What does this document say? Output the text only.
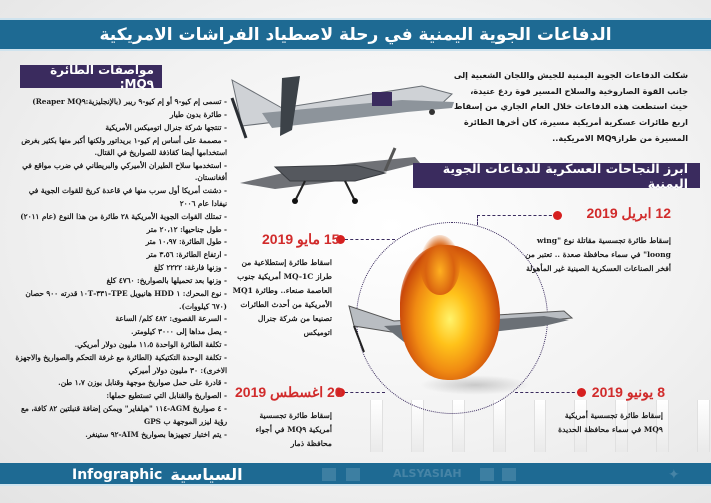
الدفاعات الجوية اليمنية في رحلة لاصطياد الفراشات الامريكية
مواصفات الطائرة MQ٩:
- تسمى إم كيو-٩ أو إم كيو-٩ ريبر (بالإنجليزية:Reaper MQ٩)
- طائرة بدون طيار
- تنتجها شركة جنرال اتوميكس الأمريكية
- مصممة على أساس إم كيو-١ بريداتور ولكنها أكبر منها بكثير بغرض استخدامها أيضا كقاذفة للصواريخ في القتال.
- استخدمها سلاح الطيران الأميركي والبريطاني في ضرب مواقع في أفغانستان.
- دشنت أمريكا أول سرب منها في قاعدة كريخ للقوات الجوية في نيفادا عام ٢٠٠٦
- تمتلك القوات الجوية الأمريكية ٢٨ طائرة من هذا النوع (عام ٢٠١١)
- طول جناحيها: ٢٠،١٢ متر
- طول الطائرة: ١٠،٩٧ متر
- ارتفاع الطائرة: ٣،٥٦ متر
- وزنها فارغة: ٢٢٢٢ كلغ
- وزنها بعد تحميلها بالصواريخ: ٤٧٦٠ كلغ
- نوع المحرك: ١ HDD هانيويل TPE-٣٣١-١٠T قدرته ٩٠٠ حصان (٦٧٠ كيلووات).
- السرعة القصوى: ٤٨٢ كلم/ الساعة
- يصل مداها إلى ٣٠٠٠ كيلومتر.
- تكلفة الطائرة الواحدة ١١،٥ مليون دولار أمريكي.
- تكلفة الوحدة التكتيكية (الطائرة مع غرفة التحكم والصواريخ والاجهزة الاخرى): ٣٠ مليون دولار أميركي
- قادرة على حمل صواريخ موجهة وقنابل بوزن ١،٧ طن.
- الصواريخ والقنابل التي تستطيع حملها:
- ٤ صواريخ AGM-١١٤ "هيلفاير" ويمكن إضافة قنبلتين ٨٢ كافة، مع رؤية ليزر الموجهة ب GPS
- يتم اختبار تجهيزها بصواريخ AIM-٩٢ ستينغر.

شكلت الدفاعات الجوية اليمنية للجيش واللجان الشعبية إلى جانب القوة الصاروخية والسلاح المسير قوة ردع عتيدة، حيث استطعت هذه الدفاعات خلال العام الجاري من إسقاط اربع طائرات عسكرية أمريكية مسيرة، كان أخرها الطائرة المسيرة من طرازMQ٩ الامريكية..

ابرز النجاحات العسكرية للدفاعات الجوية اليمنية
12 ابريل 2019

إسقاط طائرة تجسسية مقاتلة نوع "wing loong" في سماء محافظة صعدة .. تعتبر من أفخر الصناعات العسكرية الصينية غير المأهولة

15 مايو 2019

اسقاط طائرة إستطلاعية من طراز MQ-1C أمريكية جنوب العاصمة صنعاء.. وطائرة MQ1 الأمريكية من أحدث الطائرات تصنيعا من شركة جنرال اتوميكس

20 اغسطس 2019

إسقاط طائرة تجسسية أمريكية MQ٩ في أجواء محافظة ذمار

8 يونيو 2019

إسقاط طائرة تجسسية أمريكية MQ٩ في سماء محافظة الحديدة

Infographic السياسية	ALSYASIAH	✦
